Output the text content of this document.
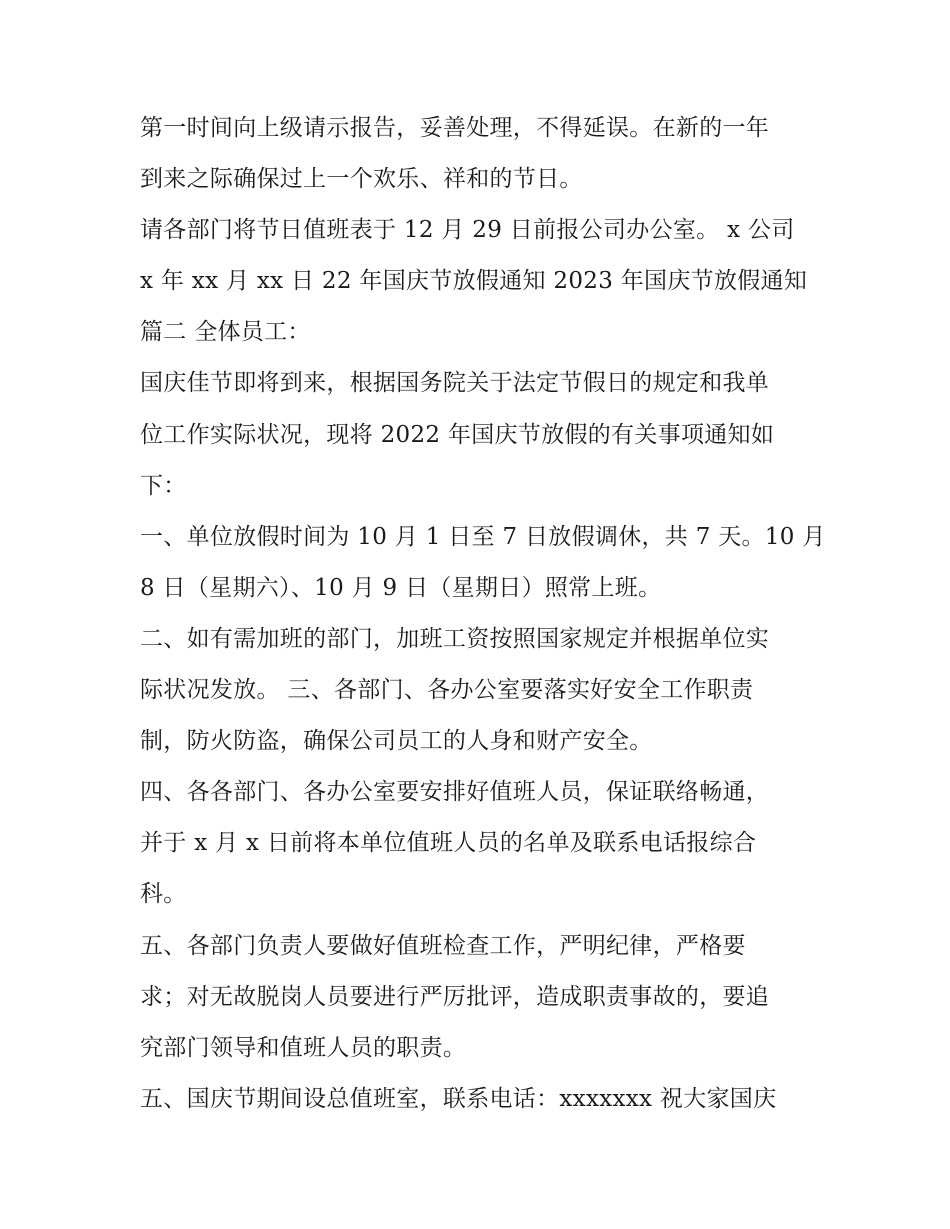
第一时间向上级请示报告，妥善处理，不得延误。在新的一年
到来之际确保过上一个欢乐、祥和的节日。
请各部门将节日值班表于 12 月 29 日前报公司办公室。 x 公司
x 年 xx 月 xx 日 22 年国庆节放假通知 2023 年国庆节放假通知
篇二 全体员工：
国庆佳节即将到来，根据国务院关于法定节假日的规定和我单
位工作实际状况，现将 2022 年国庆节放假的有关事项通知如
下：
一、单位放假时间为 10 月 1 日至 7 日放假调休，共 7 天。10 月
8 日（星期六）、10 月 9 日（星期日）照常上班。
二、如有需加班的部门，加班工资按照国家规定并根据单位实
际状况发放。 三、各部门、各办公室要落实好安全工作职责
制，防火防盗，确保公司员工的人身和财产安全。
四、各各部门、各办公室要安排好值班人员，保证联络畅通，
并于 x 月 x 日前将本单位值班人员的名单及联系电话报综合
科。
五、各部门负责人要做好值班检查工作，严明纪律，严格要
求；对无故脱岗人员要进行严厉批评，造成职责事故的，要追
究部门领导和值班人员的职责。
五、国庆节期间设总值班室，联系电话：xxxxxxx 祝大家国庆
